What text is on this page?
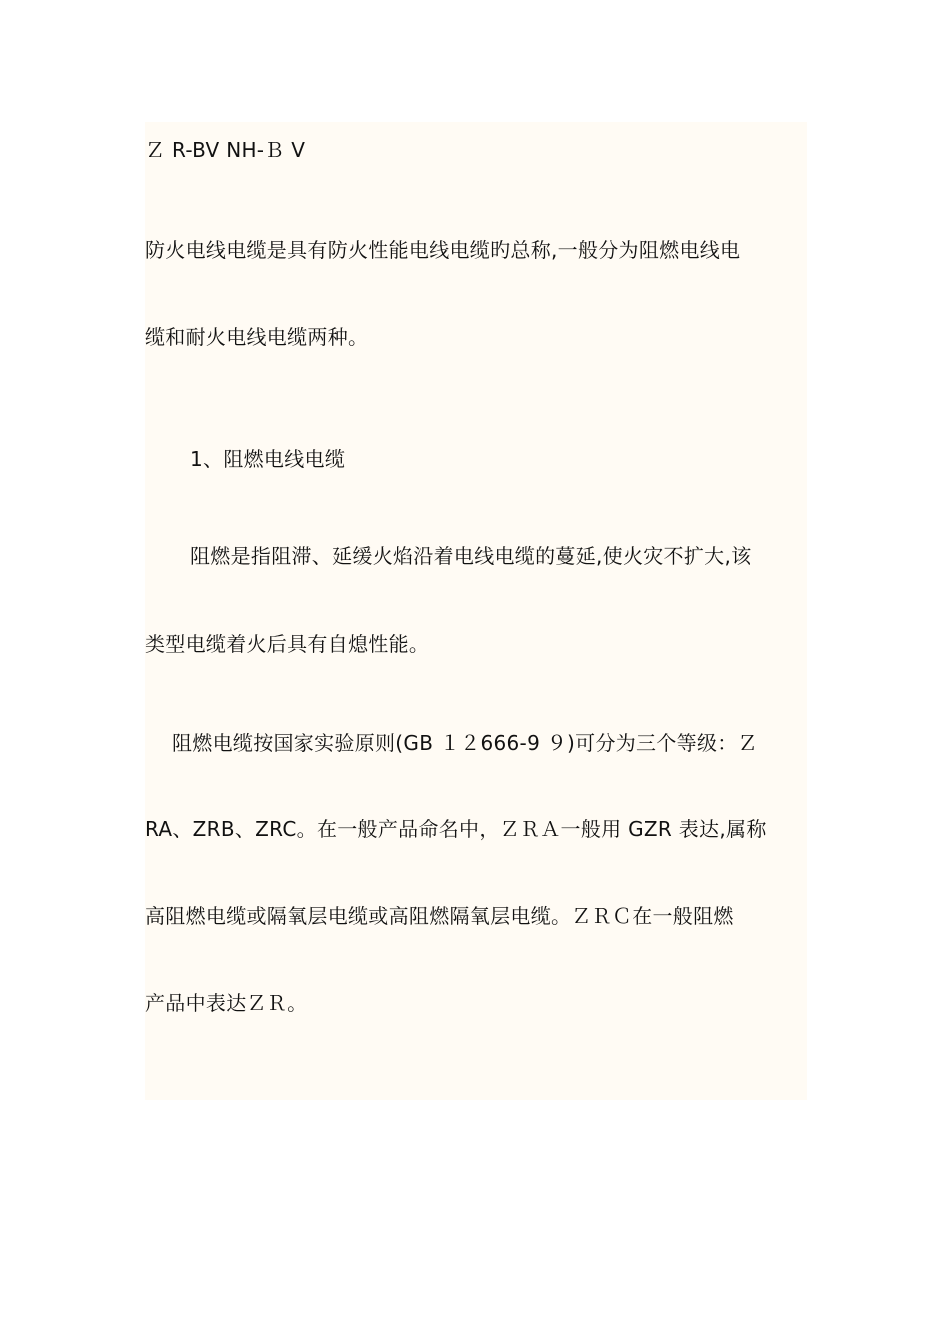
Ｚ R-BV NH-Ｂ V
防火电线电缆是具有防火性能电线电缆旳总称,一般分为阻燃电线电
缆和耐火电线电缆两种。
1、阻燃电线电缆
阻燃是指阻滞、延缓火焰沿着电线电缆的蔓延,使火灾不扩大,该
类型电缆着火后具有自熄性能。
阻燃电缆按国家实验原则(GB １２666-9 ９)可分为三个等级：Ｚ
RA、ZRB、ZRC。在一般产品命名中，ＺＲＡ一般用 GZR 表达,属称
高阻燃电缆或隔氧层电缆或高阻燃隔氧层电缆。ＺＲＣ在一般阻燃
产品中表达ＺＲ。
